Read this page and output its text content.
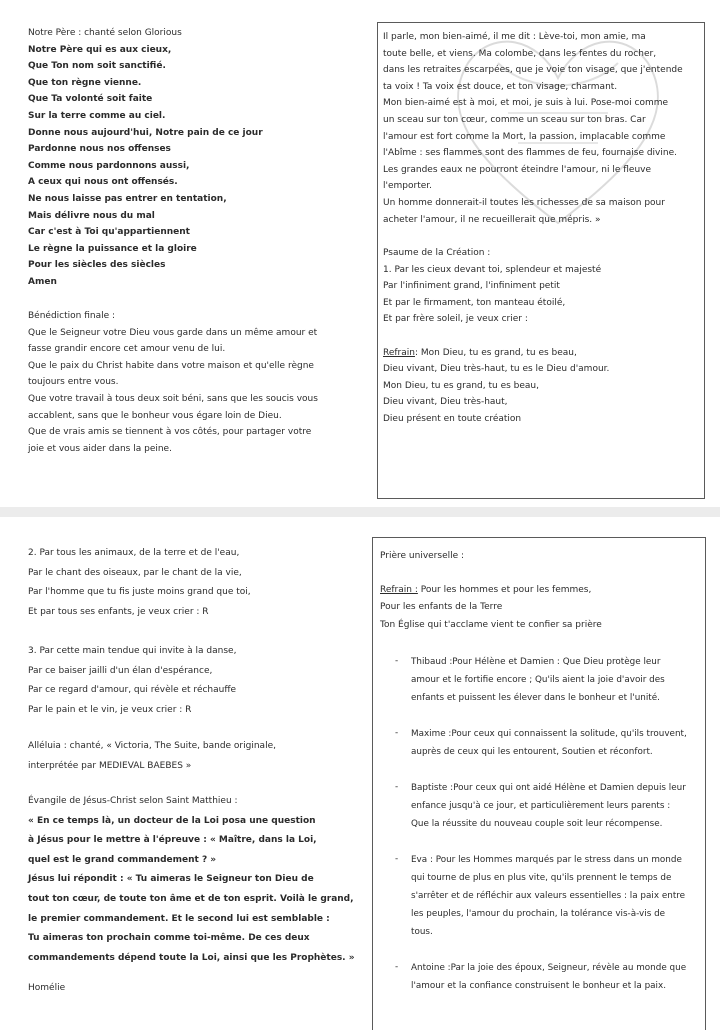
Notre Père : chanté selon Glorious
Notre Père qui es aux cieux,
Que Ton nom soit sanctifié.
Que ton règne vienne.
Que Ta volonté soit faite
Sur la terre comme au ciel.
Donne nous aujourd'hui, Notre pain de ce jour
Pardonne nous nos offenses
Comme nous pardonnons aussi,
A ceux qui nous ont offensés.
Ne nous laisse pas entrer en tentation,
Mais délivre nous du mal
Car c'est à Toi qu'appartiennent
Le règne la puissance et la gloire
Pour les siècles des siècles
Amen
Bénédiction finale :
Que le Seigneur votre Dieu vous garde dans un même amour et
fasse grandir encore cet amour venu de lui.
Que le paix du Christ habite dans votre maison et qu'elle règne
toujours entre vous.
Que votre travail à tous deux soit béni, sans que les soucis vous
accablent, sans que le bonheur vous égare loin de Dieu.
Que de vrais amis se tiennent à vos côtés, pour partager votre
joie et vous aider dans la peine.
Il parle, mon bien-aimé, il me dit : Lève-toi, mon amie, ma
toute belle, et viens. Ma colombe, dans les fentes du rocher,
dans les retraites escarpées, que je voie ton visage, que j'entende
ta voix ! Ta voix est douce, et ton visage, charmant.
Mon bien-aimé est à moi, et moi, je suis à lui. Pose-moi comme
un sceau sur ton cœur, comme un sceau sur ton bras. Car
l'amour est fort comme la Mort, la passion, implacable comme
l'Abîme : ses flammes sont des flammes de feu, fournaise divine.
Les grandes eaux ne pourront éteindre l'amour, ni le fleuve
l'emporter.
Un homme donnerait-il toutes les richesses de sa maison pour
acheter l'amour, il ne recueillerait que mépris. »
Psaume de la Création :
1. Par les cieux devant toi, splendeur et majesté
Par l'infiniment grand, l'infiniment petit
Et par le firmament, ton manteau étoilé,
Et par frère soleil, je veux crier :
Refrain: Mon Dieu, tu es grand, tu es beau,
Dieu vivant, Dieu très-haut, tu es le Dieu d'amour.
Mon Dieu, tu es grand, tu es beau,
Dieu vivant, Dieu très-haut,
Dieu présent en toute création
2. Par tous les animaux, de la terre et de l'eau,
Par le chant des oiseaux, par le chant de la vie,
Par l'homme que tu fis juste moins grand que toi,
Et par tous ses enfants, je veux crier : R
3. Par cette main tendue qui invite à la danse,
Par ce baiser jailli d'un élan d'espérance,
Par ce regard d'amour, qui révèle et réchauffe
Par le pain et le vin, je veux crier : R
Alléluia : chanté, « Victoria, The Suite, bande originale,
interprétée par MEDIEVAL BAEBES »
Évangile de Jésus-Christ selon Saint Matthieu :
« En ce temps là, un docteur de la Loi posa une question
à Jésus pour le mettre à l'épreuve : « Maître, dans la Loi,
quel est le grand commandement ? »
Jésus lui répondit : « Tu aimeras le Seigneur ton Dieu de
tout ton cœur, de toute ton âme et de ton esprit. Voilà le grand,
le premier commandement. Et le second lui est semblable :
Tu aimeras ton prochain comme toi-même. De ces deux
commandements dépend toute la Loi, ainsi que les Prophètes. »
Homélie
Prière universelle :
Refrain : Pour les hommes et pour les femmes,
Pour les enfants de la Terre
Ton Église qui t'acclame vient te confier sa prière
- Thibaud :Pour Hélène et Damien : Que Dieu protège leur amour et le fortifie encore ; Qu'ils aient la joie d'avoir des enfants et puissent les élever dans le bonheur et l'unité.
- Maxime :Pour ceux qui connaissent la solitude, qu'ils trouvent, auprès de ceux qui les entourent, Soutien et réconfort.
- Baptiste :Pour ceux qui ont aidé Hélène et Damien depuis leur enfance jusqu'à ce jour, et particulièrement leurs parents : Que la réussite du nouveau couple soit leur récompense.
- Eva : Pour les Hommes marqués par le stress dans un monde qui tourne de plus en plus vite, qu'ils prennent le temps de s'arrêter et de réfléchir aux valeurs essentielles : la paix entre les peuples, l'amour du prochain, la tolérance vis-à-vis de tous.
- Antoine :Par la joie des époux, Seigneur, révèle au monde que l'amour et la confiance construisent le bonheur et la paix.
